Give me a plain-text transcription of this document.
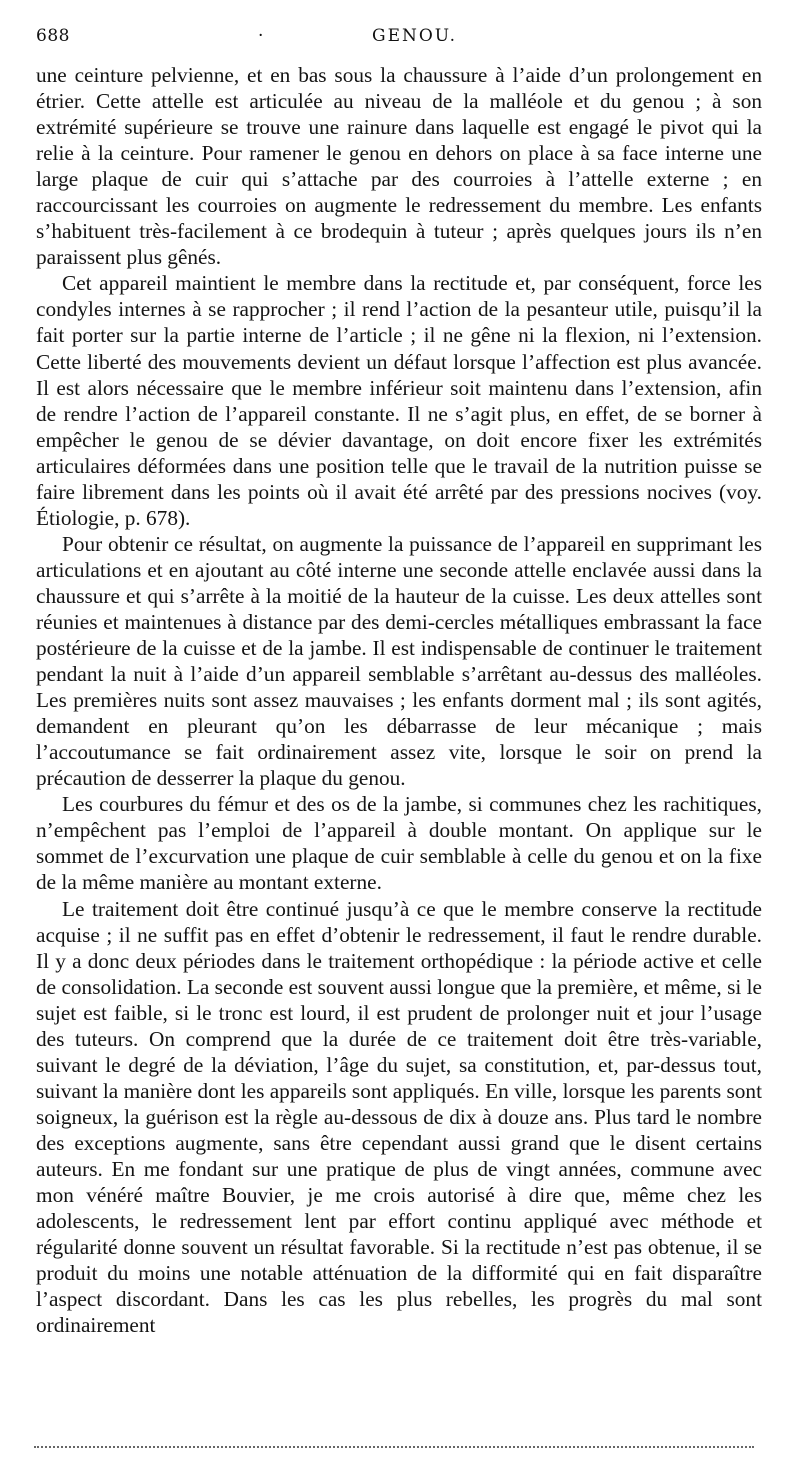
688	·	GENOU.

une ceinture pelvienne, et en bas sous la chaussure à l’aide d’un prolongement en étrier. Cette attelle est articulée au niveau de la malléole et du genou ; à son extrémité supérieure se trouve une rainure dans laquelle est engagé le pivot qui la relie à la ceinture. Pour ramener le genou en dehors on place à sa face interne une large plaque de cuir qui s’attache par des courroies à l’attelle externe ; en raccourcissant les courroies on augmente le redressement du membre. Les enfants s’habituent très-facilement à ce brodequin à tuteur ; après quelques jours ils n’en paraissent plus gênés.

Cet appareil maintient le membre dans la rectitude et, par conséquent, force les condyles internes à se rapprocher ; il rend l’action de la pesanteur utile, puisqu’il la fait porter sur la partie interne de l’article ; il ne gêne ni la flexion, ni l’extension. Cette liberté des mouvements devient un défaut lorsque l’affection est plus avancée. Il est alors nécessaire que le membre inférieur soit maintenu dans l’extension, afin de rendre l’action de l’appareil constante. Il ne s’agit plus, en effet, de se borner à empêcher le genou de se dévier davantage, on doit encore fixer les extrémités articulaires déformées dans une position telle que le travail de la nutrition puisse se faire librement dans les points où il avait été arrêté par des pressions nocives (voy. Étiologie, p. 678).

Pour obtenir ce résultat, on augmente la puissance de l’appareil en supprimant les articulations et en ajoutant au côté interne une seconde attelle enclavée aussi dans la chaussure et qui s’arrête à la moitié de la hauteur de la cuisse. Les deux attelles sont réunies et maintenues à distance par des demi-cercles métalliques embrassant la face postérieure de la cuisse et de la jambe. Il est indispensable de continuer le traitement pendant la nuit à l’aide d’un appareil semblable s’arrêtant au-dessus des malléoles. Les premières nuits sont assez mauvaises ; les enfants dorment mal ; ils sont agités, demandent en pleurant qu’on les débarrasse de leur mécanique ; mais l’accoutumance se fait ordinairement assez vite, lorsque le soir on prend la précaution de desserrer la plaque du genou.

Les courbures du fémur et des os de la jambe, si communes chez les rachitiques, n’empêchent pas l’emploi de l’appareil à double montant. On applique sur le sommet de l’excurvation une plaque de cuir semblable à celle du genou et on la fixe de la même manière au montant externe.

Le traitement doit être continué jusqu’à ce que le membre conserve la rectitude acquise ; il ne suffit pas en effet d’obtenir le redressement, il faut le rendre durable. Il y a donc deux périodes dans le traitement orthopédique : la période active et celle de consolidation. La seconde est souvent aussi longue que la première, et même, si le sujet est faible, si le tronc est lourd, il est prudent de prolonger nuit et jour l’usage des tuteurs. On comprend que la durée de ce traitement doit être très-variable, suivant le degré de la déviation, l’âge du sujet, sa constitution, et, par-dessus tout, suivant la manière dont les appareils sont appliqués. En ville, lorsque les parents sont soigneux, la guérison est la règle au-dessous de dix à douze ans. Plus tard le nombre des exceptions augmente, sans être cependant aussi grand que le disent certains auteurs. En me fondant sur une pratique de plus de vingt années, commune avec mon vénéré maître Bouvier, je me crois autorisé à dire que, même chez les adolescents, le redressement lent par effort continu appliqué avec méthode et régularité donne souvent un résultat favorable. Si la rectitude n’est pas obtenue, il se produit du moins une notable atténuation de la difformité qui en fait disparaître l’aspect discordant. Dans les cas les plus rebelles, les progrès du mal sont ordinairement
